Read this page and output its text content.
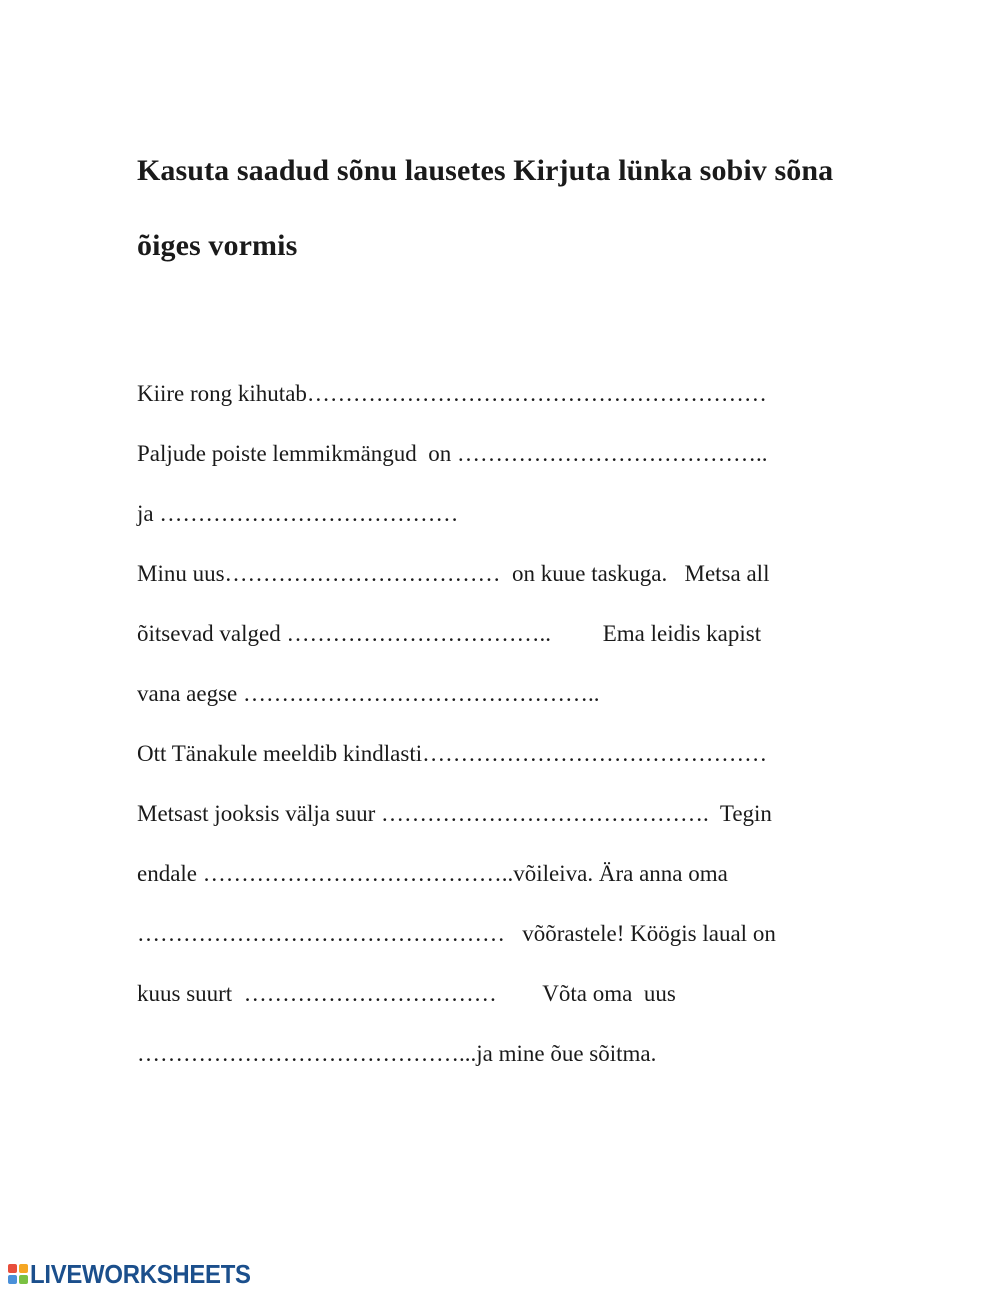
Kasuta saadud sõnu lausetes Kirjuta lünka sobiv sõna
õiges vormis
Kiire rong kihutab……………………………………………………
Paljude poiste lemmikmängud  on …………………………………..
ja …………………………………
Minu uus………………………………  on kuue taskuga.   Metsa all
õitsevad valged ……………………………..         Ema leidis kapist
vana aegse ………………………………………..
Ott Tänakule meeldib kindlasti………………………………………
Metsast jooksis välja suur …………………………………….  Tegin
endale …………………………………..võileiva. Ära anna oma
…………………………………………   võõrastele! Köögis laual on
kuus suurt  ……………………………        Võta oma  uus
……………………………………...ja mine õue sõitma.
LIVEWORKSHEETS
